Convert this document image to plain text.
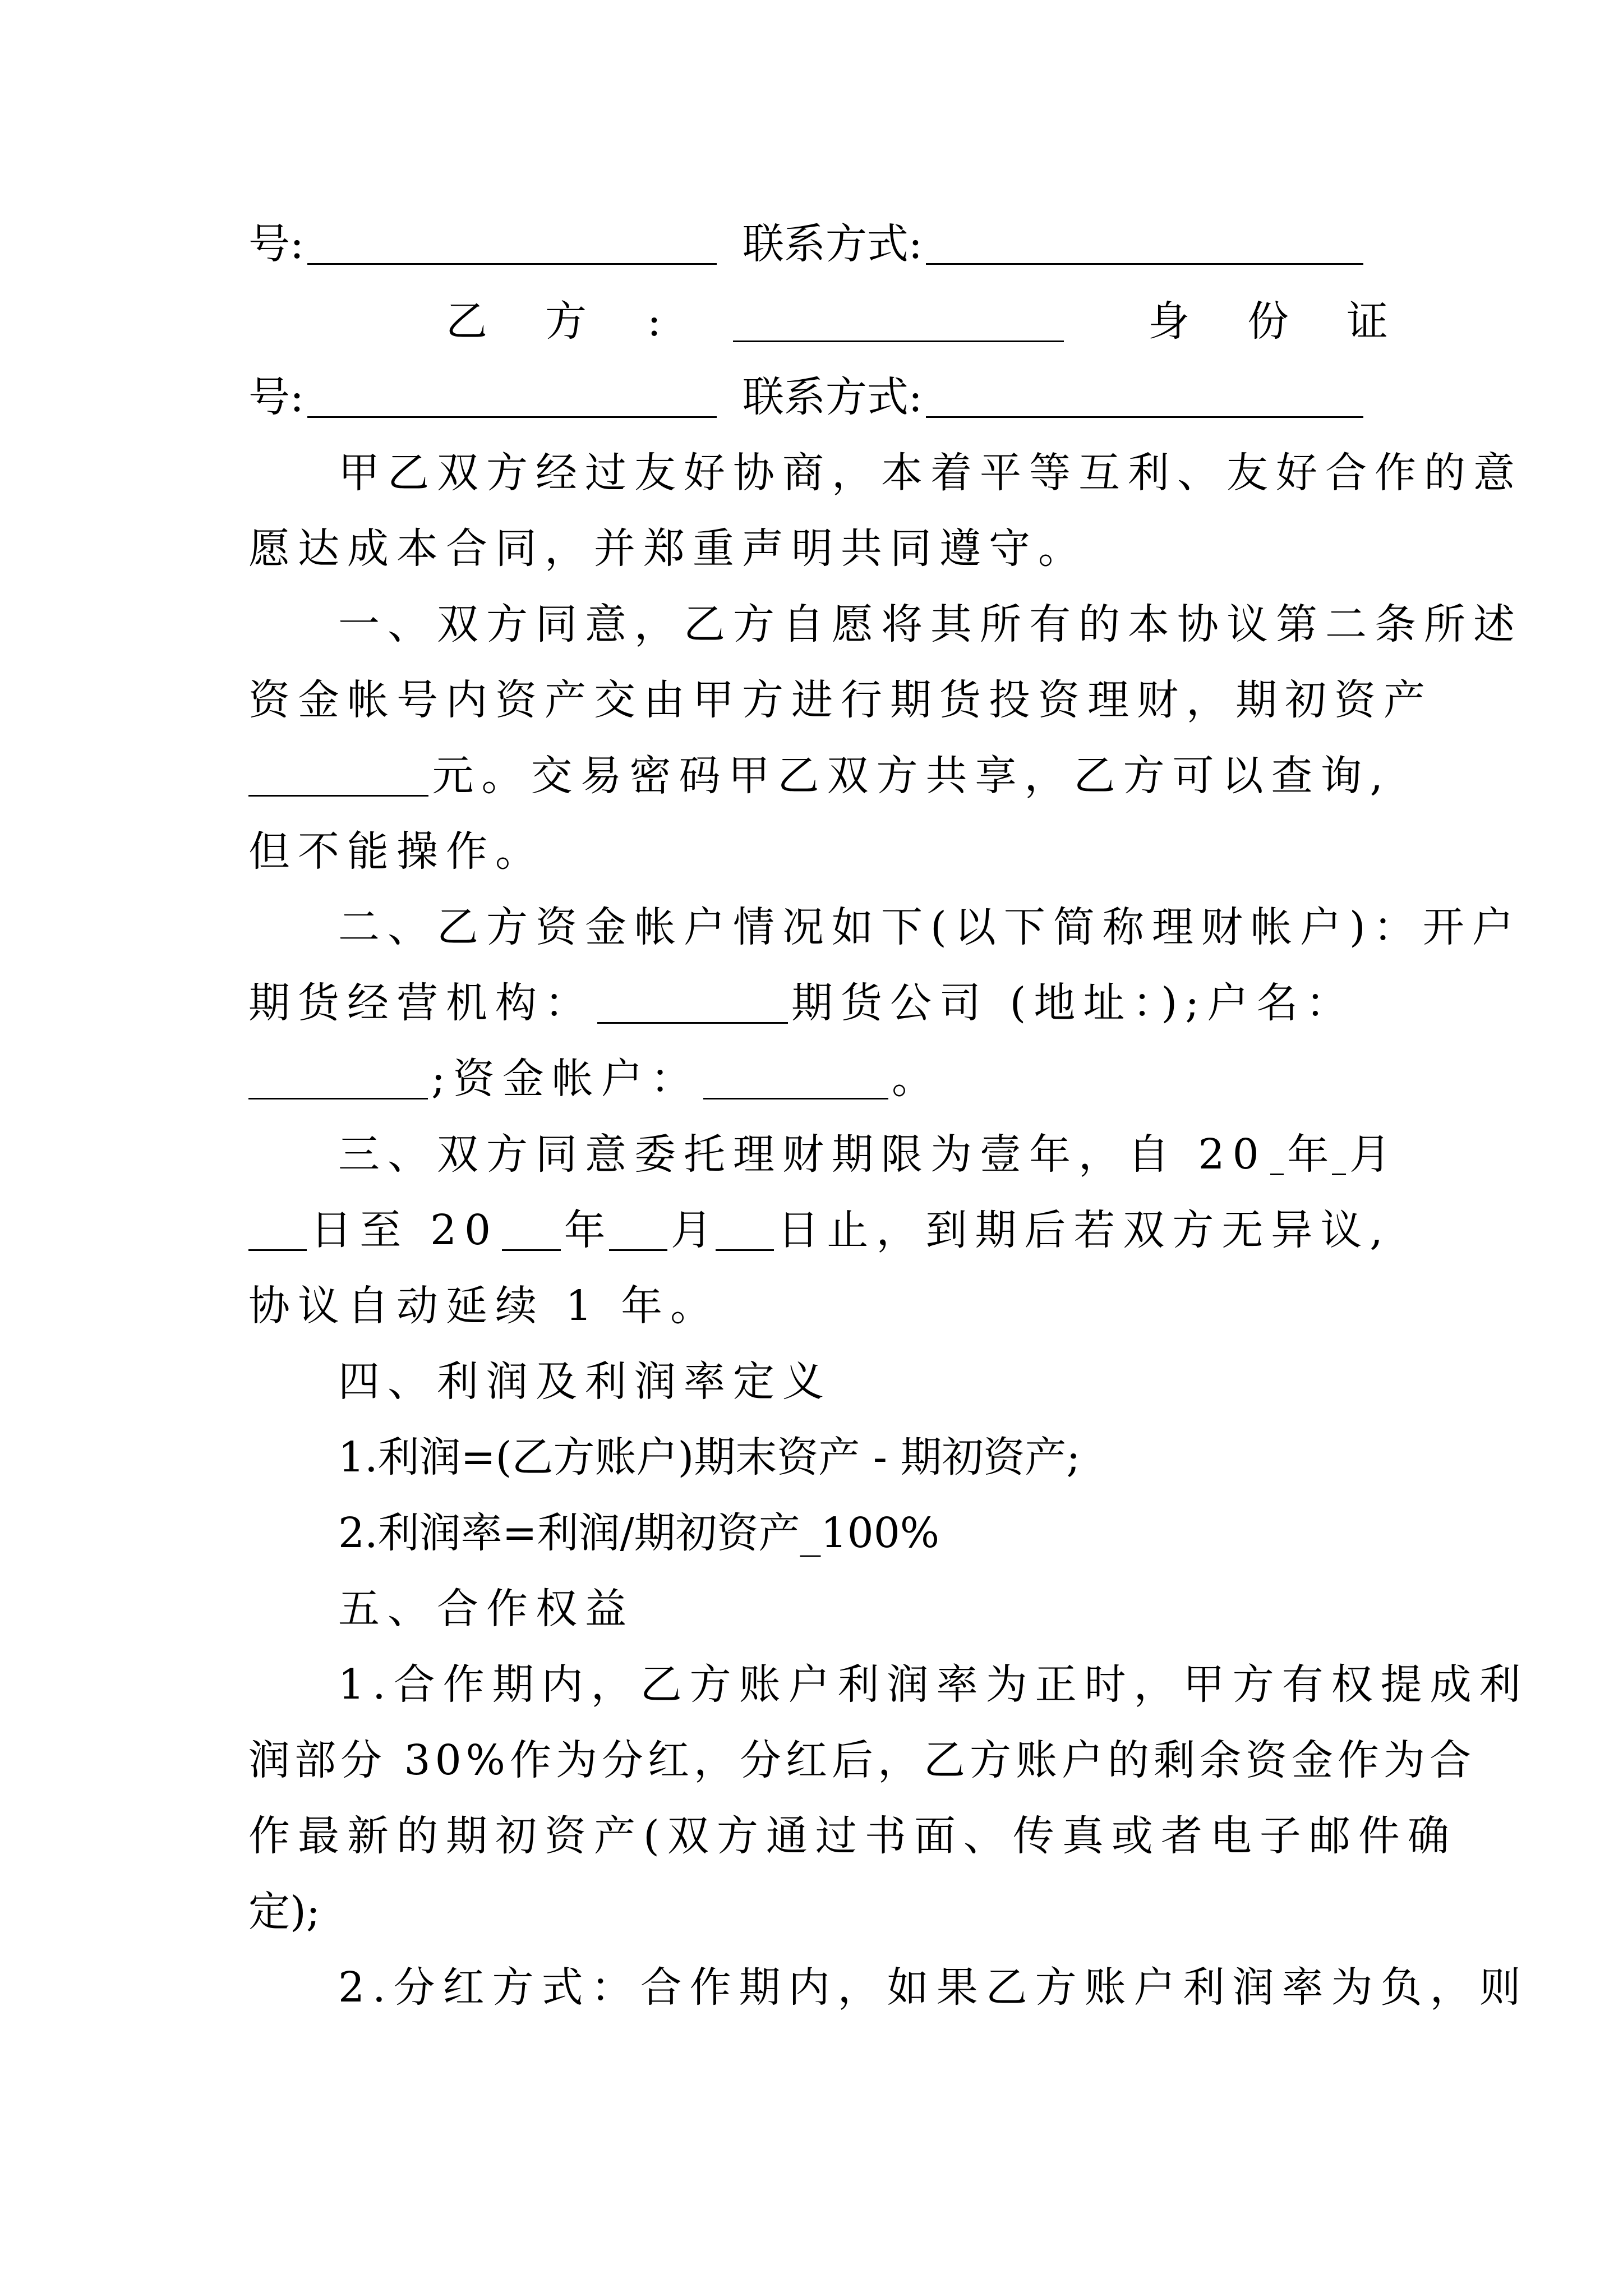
号:	联系方式:
乙 方 :	身 份 证
号:	联系方式:
甲乙双方经过友好协商，本着平等互利、友好合作的意
愿达成本合同，并郑重声明共同遵守。
一、双方同意，乙方自愿将其所有的本协议第二条所述
资金帐号内资产交由甲方进行期货投资理财，期初资产
元。交易密码甲乙双方共享，乙方可以查询,
但不能操作。
二、乙方资金帐户情况如下(以下简称理财帐户)：开户
期货经营机构：	期货公司 (地址：);户名：
;资金帐户：	。
三、双方同意委托理财期限为壹年，自 20 年 月
日至 20 年 月 日止，到期后若双方无异议,
协议自动延续 1 年。
四、利润及利润率定义
1.利润=(乙方账户)期末资产 - 期初资产;
2.利润率=利润/期初资产_100%
五、合作权益
1.合作期内，乙方账户利润率为正时，甲方有权提成利
润部分 30%作为分红，分红后，乙方账户的剩余资金作为合
作最新的期初资产(双方通过书面、传真或者电子邮件确
定);
2.分红方式：合作期内，如果乙方账户利润率为负，则
